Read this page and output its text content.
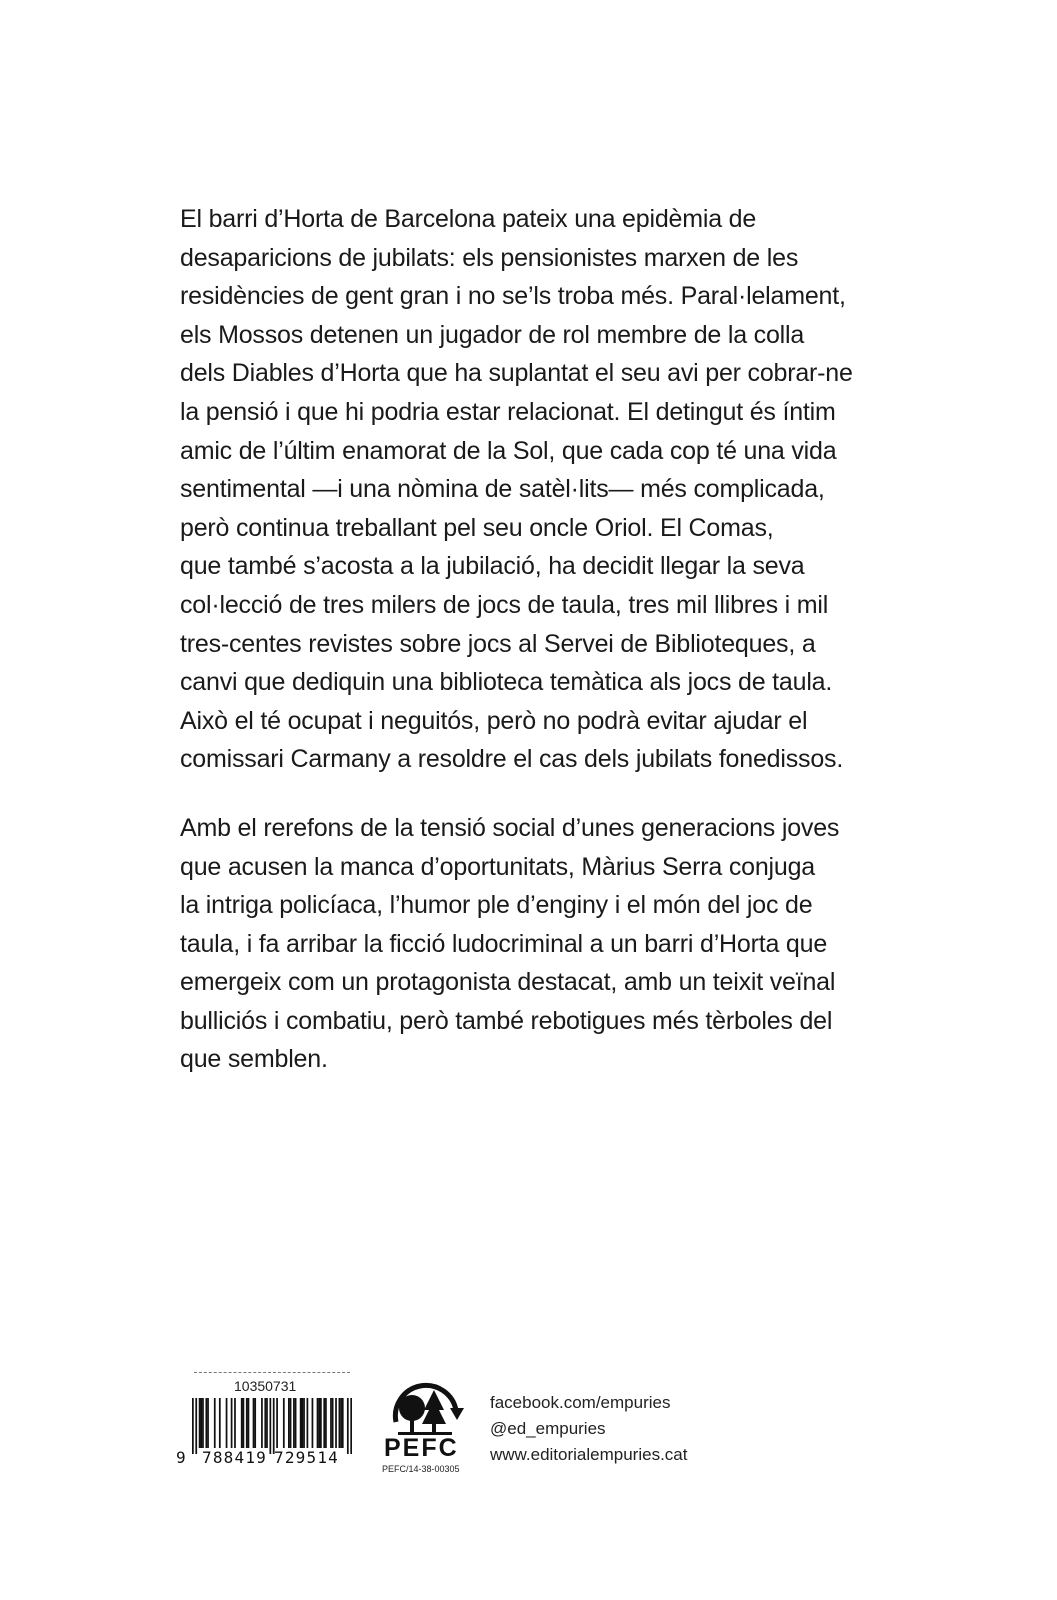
El barri d’Horta de Barcelona pateix una epidèmia de
desaparicions de jubilats: els pensionistes marxen de les
residències de gent gran i no se’ls troba més. Paral·lelament,
els Mossos detenen un jugador de rol membre de la colla
dels Diables d’Horta que ha suplantat el seu avi per cobrar-ne
la pensió i que hi podria estar relacionat. El detingut és íntim
amic de l’últim enamorat de la Sol, que cada cop té una vida
sentimental —i una nòmina de satèl·lits— més complicada,
però continua treballant pel seu oncle Oriol. El Comas,
que també s’acosta a la jubilació, ha decidit llegar la seva
col·lecció de tres milers de jocs de taula, tres mil llibres i mil
tres-centes revistes sobre jocs al Servei de Biblioteques, a
canvi que dediquin una biblioteca temàtica als jocs de taula.
Això el té ocupat i neguitós, però no podrà evitar ajudar el
comissari Carmany a resoldre el cas dels jubilats fonedissos.

Amb el rerefons de la tensió social d’unes generacions joves
que acusen la manca d’oportunitats, Màrius Serra conjuga
la intriga policíaca, l’humor ple d’enginy i el món del joc de
taula, i fa arribar la ficció ludocriminal a un barri d’Horta que
emergeix com un protagonista destacat, amb un teixit veïnal
bulliciós i combatiu, però també rebotigues més tèrboles del
que semblen.

10350731
9 788419 729514 PEFC
PEFC/14-38-00305
facebook.com/empuries
@ed_empuries
www.editorialempuries.cat
